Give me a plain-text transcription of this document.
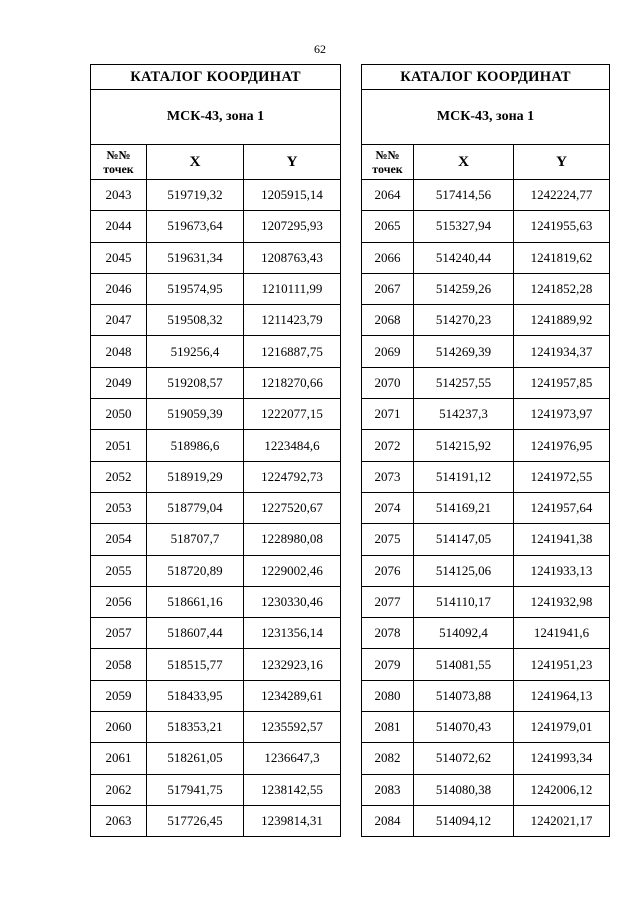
62
КАТАЛОГ КООРДИНАТ		
МСК-43, зона 1		
№№ точек	X	Y
2043	519719,32	1205915,14
2044	519673,64	1207295,93
2045	519631,34	1208763,43
2046	519574,95	1210111,99
2047	519508,32	1211423,79
2048	519256,4	1216887,75
2049	519208,57	1218270,66
2050	519059,39	1222077,15
2051	518986,6	1223484,6
2052	518919,29	1224792,73
2053	518779,04	1227520,67
2054	518707,7	1228980,08
2055	518720,89	1229002,46
2056	518661,16	1230330,46
2057	518607,44	1231356,14
2058	518515,77	1232923,16
2059	518433,95	1234289,61
2060	518353,21	1235592,57
2061	518261,05	1236647,3
2062	517941,75	1238142,55
2063	517726,45	1239814,31
КАТАЛОГ КООРДИНАТ		
МСК-43, зона 1		
№№ точек	X	Y
2064	517414,56	1242224,77
2065	515327,94	1241955,63
2066	514240,44	1241819,62
2067	514259,26	1241852,28
2068	514270,23	1241889,92
2069	514269,39	1241934,37
2070	514257,55	1241957,85
2071	514237,3	1241973,97
2072	514215,92	1241976,95
2073	514191,12	1241972,55
2074	514169,21	1241957,64
2075	514147,05	1241941,38
2076	514125,06	1241933,13
2077	514110,17	1241932,98
2078	514092,4	1241941,6
2079	514081,55	1241951,23
2080	514073,88	1241964,13
2081	514070,43	1241979,01
2082	514072,62	1241993,34
2083	514080,38	1242006,12
2084	514094,12	1242021,17
